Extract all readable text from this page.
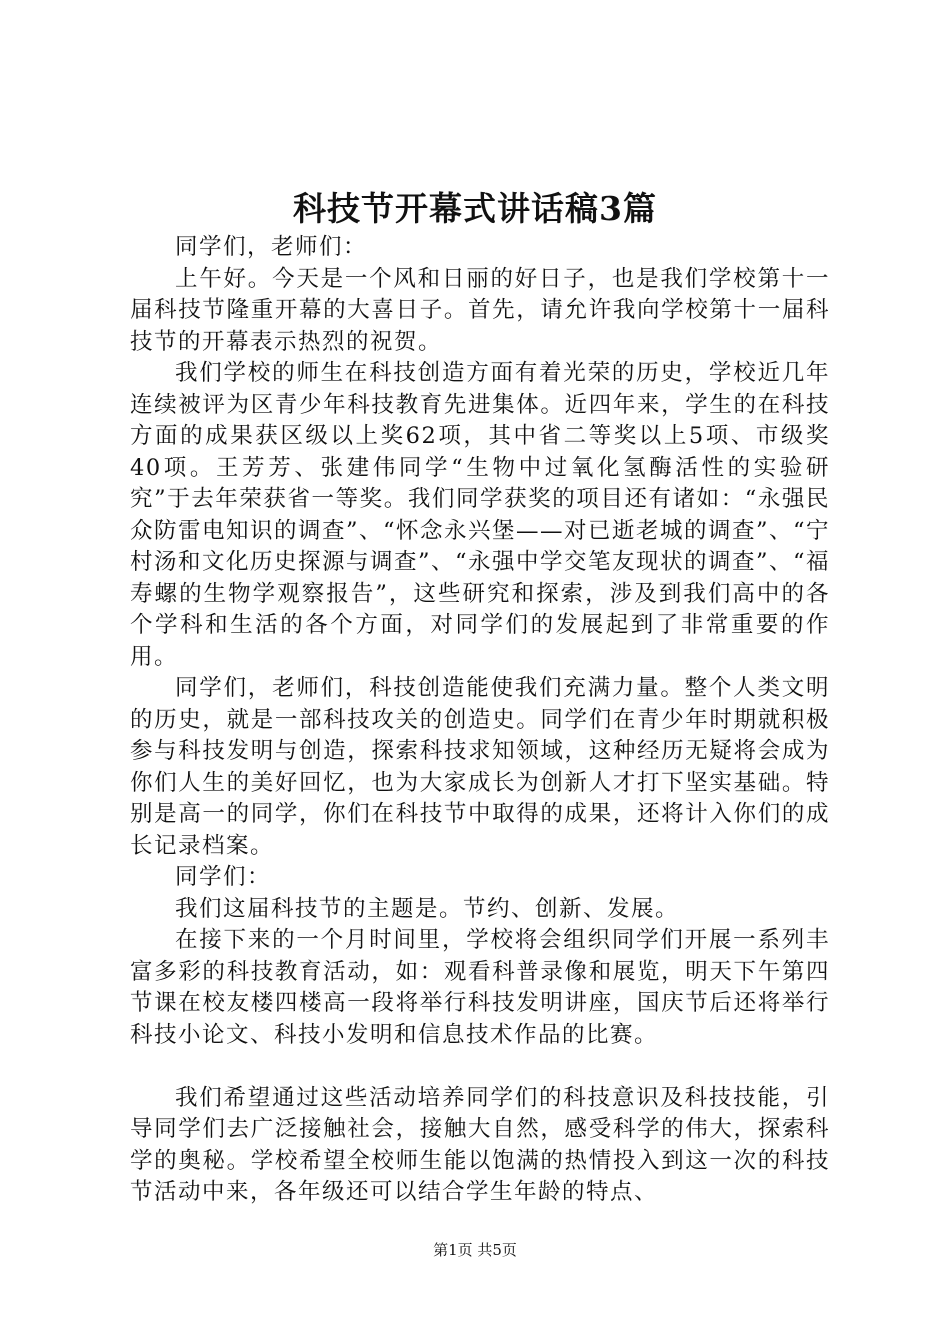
科技节开幕式讲话稿3篇

同学们，老师们：

上午好。今天是一个风和日丽的好日子，也是我们学校第十一届科技节隆重开幕的大喜日子。首先，请允许我向学校第十一届科技节的开幕表示热烈的祝贺。

我们学校的师生在科技创造方面有着光荣的历史，学校近几年连续被评为区青少年科技教育先进集体。近四年来，学生的在科技方面的成果获区级以上奖62项，其中省二等奖以上5项、市级奖40项。王芳芳、张建伟同学“生物中过氧化氢酶活性的实验研究”于去年荣获省一等奖。我们同学获奖的项目还有诸如：“永强民众防雷电知识的调查”、“怀念永兴堡——对已逝老城的调查”、“宁村汤和文化历史探源与调查”、“永强中学交笔友现状的调查”、“福寿螺的生物学观察报告”，这些研究和探索，涉及到我们高中的各个学科和生活的各个方面，对同学们的发展起到了非常重要的作用。

同学们，老师们，科技创造能使我们充满力量。整个人类文明的历史，就是一部科技攻关的创造史。同学们在青少年时期就积极参与科技发明与创造，探索科技求知领域，这种经历无疑将会成为你们人生的美好回忆，也为大家成长为创新人才打下坚实基础。特别是高一的同学，你们在科技节中取得的成果，还将计入你们的成长记录档案。

同学们：

我们这届科技节的主题是。节约、创新、发展。

在接下来的一个月时间里，学校将会组织同学们开展一系列丰富多彩的科技教育活动，如：观看科普录像和展览，明天下午第四节课在校友楼四楼高一段将举行科技发明讲座，国庆节后还将举行科技小论文、科技小发明和信息技术作品的比赛。

我们希望通过这些活动培养同学们的科技意识及科技技能，引导同学们去广泛接触社会，接触大自然，感受科学的伟大，探索科学的奥秘。学校希望全校师生能以饱满的热情投入到这一次的科技节活动中来，各年级还可以结合学生年龄的特点、

第1页 共5页
